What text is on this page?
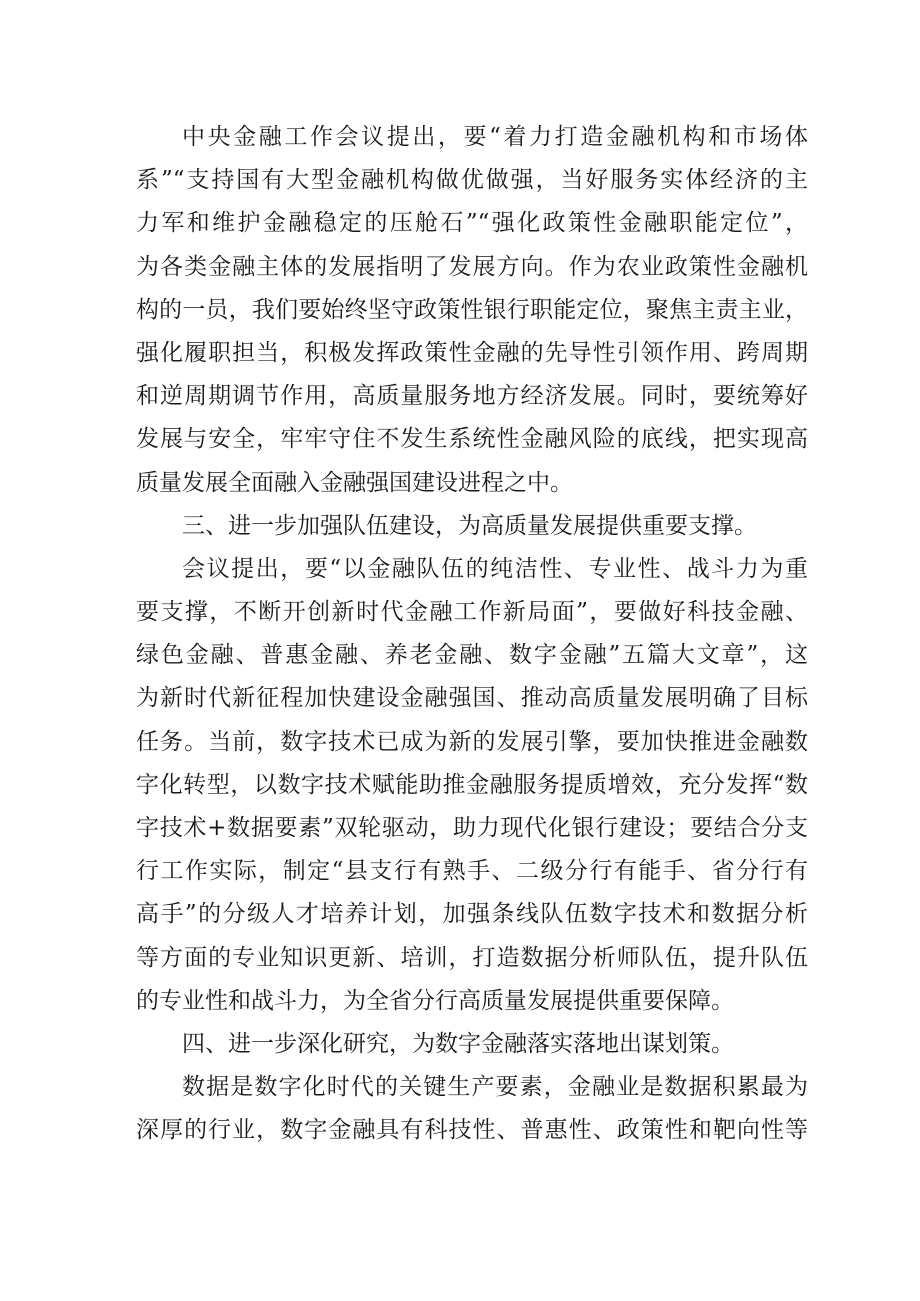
中央金融工作会议提出，要“着力打造金融机构和市场体
系”“支持国有大型金融机构做优做强，当好服务实体经济的主
力军和维护金融稳定的压舱石”“强化政策性金融职能定位”，
为各类金融主体的发展指明了发展方向。作为农业政策性金融机
构的一员，我们要始终坚守政策性银行职能定位，聚焦主责主业，
强化履职担当，积极发挥政策性金融的先导性引领作用、跨周期
和逆周期调节作用，高质量服务地方经济发展。同时，要统筹好
发展与安全，牢牢守住不发生系统性金融风险的底线，把实现高
质量发展全面融入金融强国建设进程之中。
三、进一步加强队伍建设，为高质量发展提供重要支撑。
会议提出，要“以金融队伍的纯洁性、专业性、战斗力为重
要支撑，不断开创新时代金融工作新局面”，要做好科技金融、
绿色金融、普惠金融、养老金融、数字金融”五篇大文章”，这
为新时代新征程加快建设金融强国、推动高质量发展明确了目标
任务。当前，数字技术已成为新的发展引擎，要加快推进金融数
字化转型，以数字技术赋能助推金融服务提质增效，充分发挥“数
字技术+数据要素”双轮驱动，助力现代化银行建设；要结合分支
行工作实际，制定“县支行有熟手、二级分行有能手、省分行有
高手”的分级人才培养计划，加强条线队伍数字技术和数据分析
等方面的专业知识更新、培训，打造数据分析师队伍，提升队伍
的专业性和战斗力，为全省分行高质量发展提供重要保障。
四、进一步深化研究，为数字金融落实落地出谋划策。
数据是数字化时代的关键生产要素，金融业是数据积累最为
深厚的行业，数字金融具有科技性、普惠性、政策性和靶向性等
